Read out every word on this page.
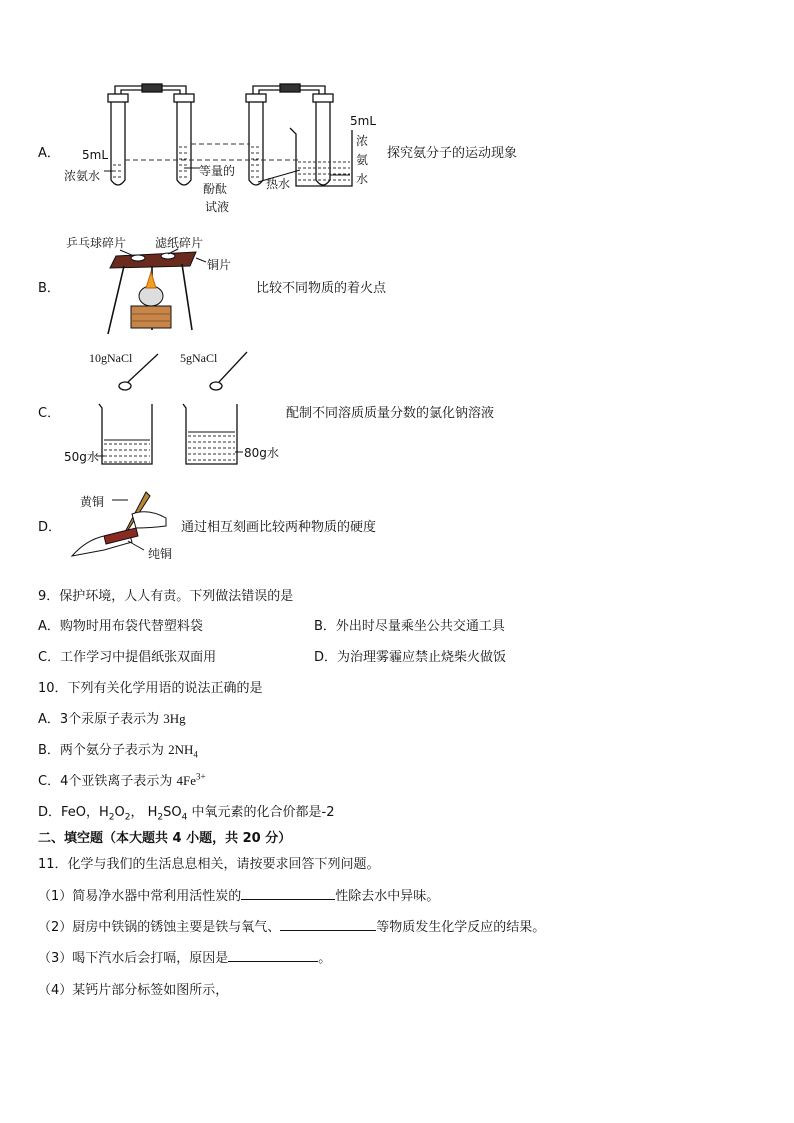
A． 5mL
浓氨水	等量的
酚酞
试液
热水
5mL
浓
氨
水
探究氨分子的运动现象
B．
乒乓球碎片 滤纸碎片
铜片
比较不同物质的着火点
C．
10gNaCl	5gNaCl
50g水	80g水
配制不同溶质质量分数的氯化钠溶液
D．
黄铜
纯铜
通过相互刻画比较两种物质的硬度
9．保护环境，人人有责。下列做法错误的是
A．购物时用布袋代替塑料袋	B．外出时尽量乘坐公共交通工具
C．工作学习中提倡纸张双面用	D．为治理雾霾应禁止烧柴火做饭
10．下列有关化学用语的说法正确的是
A．3个汞原子表示为 3Hg
B．两个氨分子表示为 $2NH_4$
C．4个亚铁离子表示为 $4Fe^{3+}$
D．FeO，$H_2O_2$， $H_2SO_4$ 中氧元素的化合价都是-2
二、填空题（本大题共 4 小题，共 20 分）
11．化学与我们的生活息息相关，请按要求回答下列问题。
（1）简易净水器中常利用活性炭的	性除去水中异味。
（2）厨房中铁锅的锈蚀主要是铁与氧气、	等物质发生化学反应的结果。
（3）喝下汽水后会打嗝，原因是	。
（4）某钙片部分标签如图所示，
